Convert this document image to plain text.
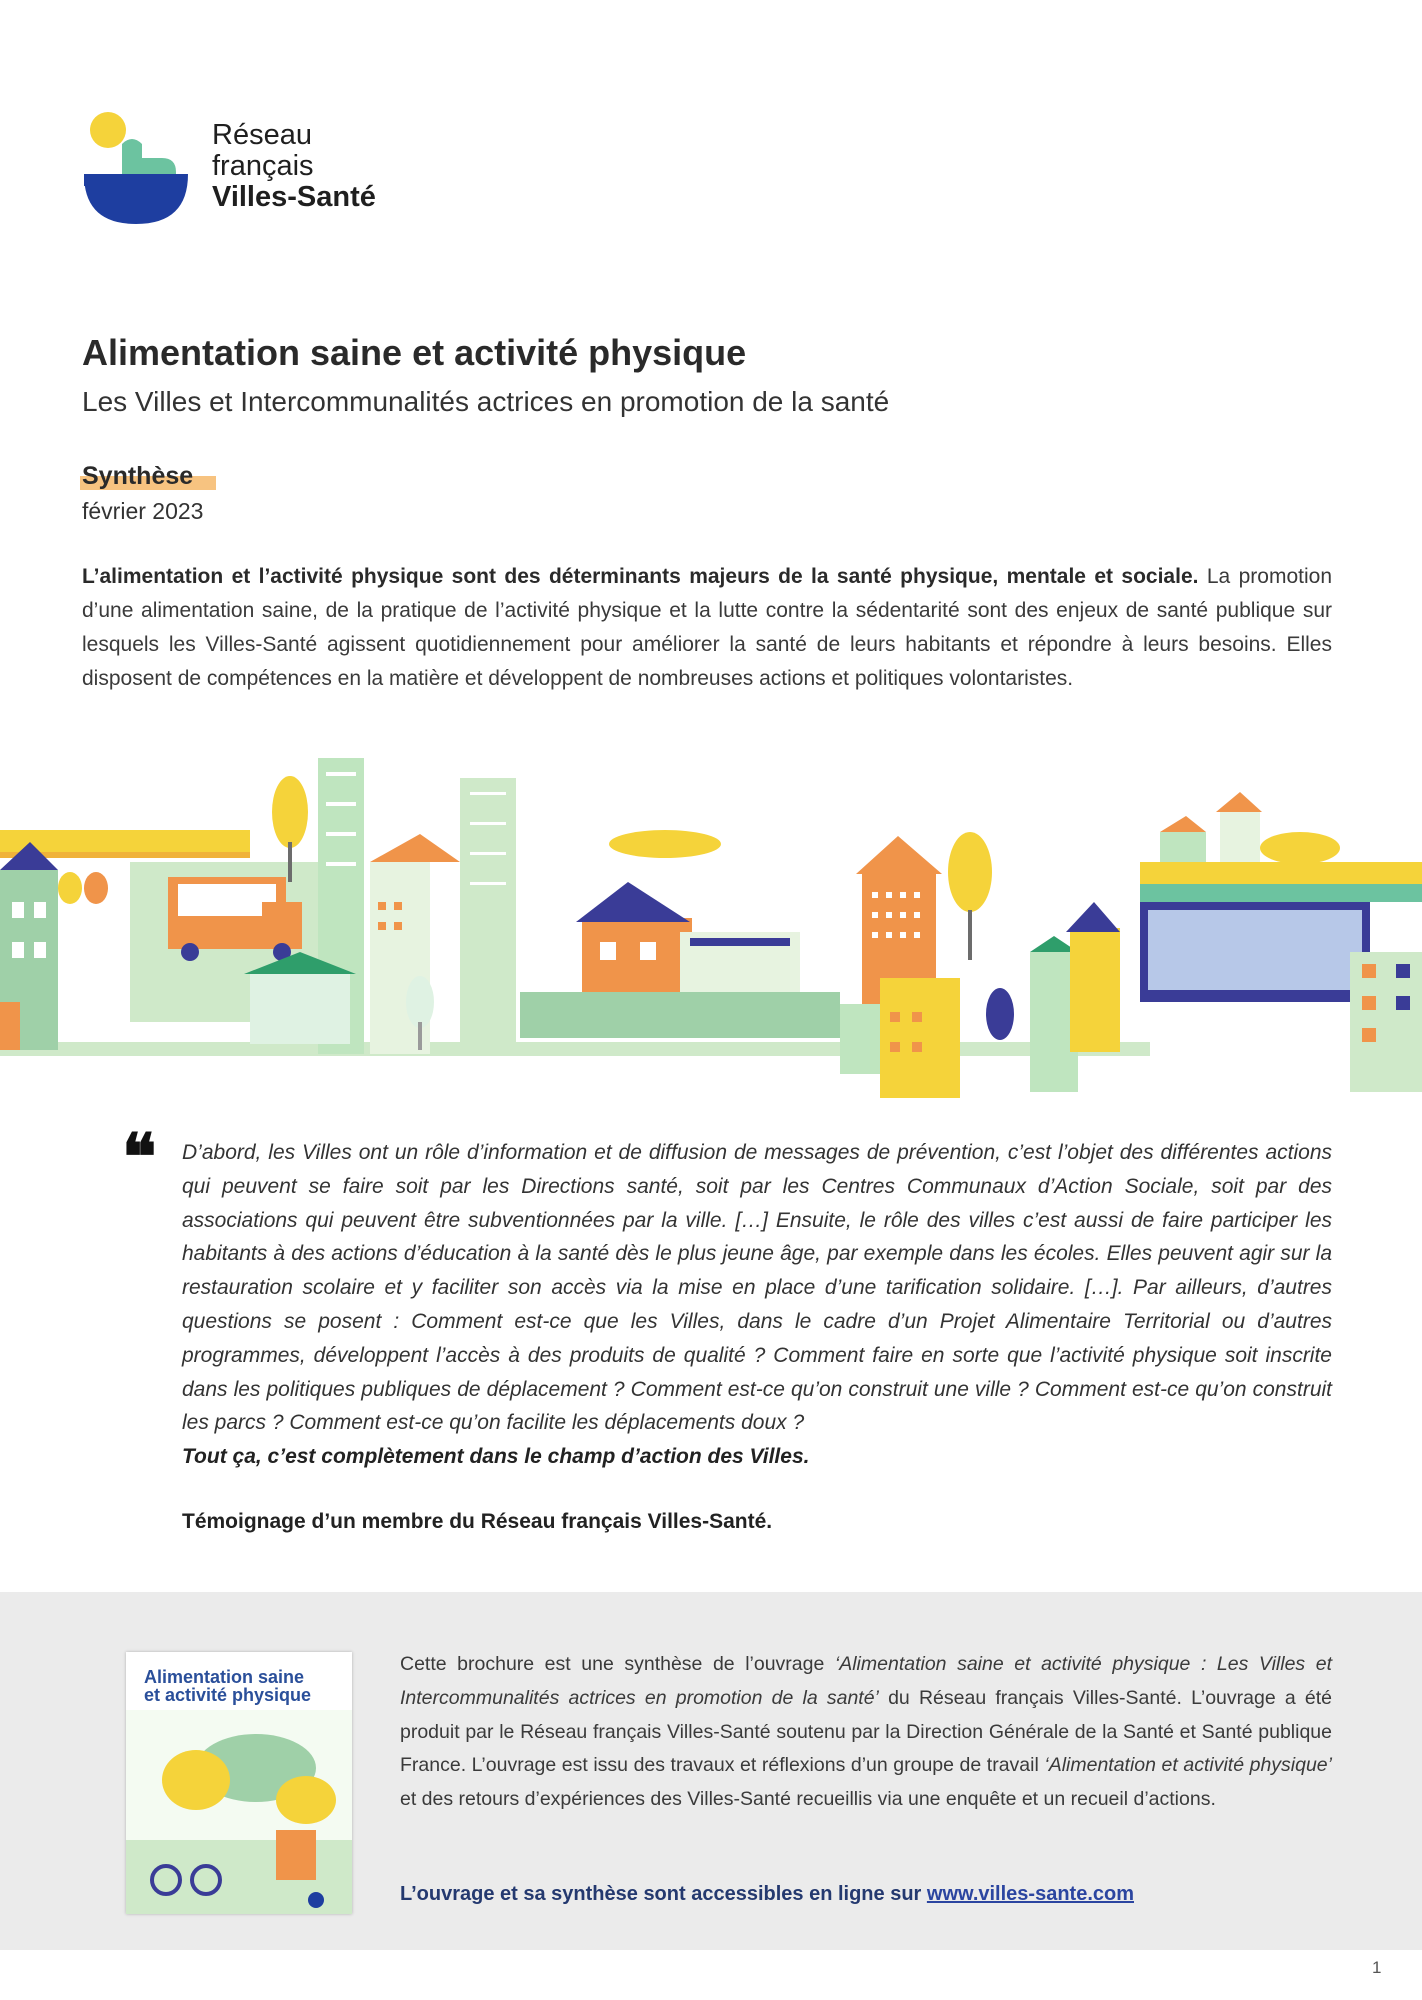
Réseau
français
Villes-Santé
Alimentation saine et activité physique
Les Villes et Intercommunalités actrices en promotion de la santé
Synthèse
février 2023
L’alimentation et l’activité physique sont des déterminants majeurs de la santé physique, mentale et sociale. La promotion d’une alimentation saine, de la pratique de l’activité physique et la lutte contre la sédentarité sont des enjeux de santé publique sur lesquels les Villes-Santé agissent quotidiennement pour améliorer la santé de leurs habitants et répondre à leurs besoins. Elles disposent de compétences en la matière et développent de nombreuses actions et politiques volontaristes.
❝ D’abord, les Villes ont un rôle d’information et de diffusion de messages de prévention, c’est l’objet des différentes actions qui peuvent se faire soit par les Directions santé, soit par les Centres Communaux d’Action Sociale, soit par des associations qui peuvent être subventionnées par la ville. […] Ensuite, le rôle des villes c’est aussi de faire participer les habitants à des actions d’éducation à la santé dès le plus jeune âge, par exemple dans les écoles. Elles peuvent agir sur la restauration scolaire et y faciliter son accès via la mise en place d’une tarification solidaire. […]. Par ailleurs, d’autres questions se posent : Comment est-ce que les Villes, dans le cadre d’un Projet Alimentaire Territorial ou d’autres programmes, développent l’accès à des produits de qualité ? Comment faire en sorte que l’activité physique soit inscrite dans les politiques publiques de déplacement ? Comment est-ce qu’on construit une ville ? Comment est-ce qu’on construit les parcs ? Comment est-ce qu’on facilite les déplacements doux ?
Tout ça, c’est complètement dans le champ d’action des Villes.
Témoignage d’un membre du Réseau français Villes-Santé.
Alimentation saine
et activité physique
Cette brochure est une synthèse de l’ouvrage ‘Alimentation saine et activité physique : Les Villes et Intercommunalités actrices en promotion de la santé’ du Réseau français Villes-Santé. L’ouvrage a été produit par le Réseau français Villes-Santé soutenu par la Direction Générale de la Santé et Santé publique France. L’ouvrage est issu des travaux et réflexions d’un groupe de travail ‘Alimentation et activité physique’ et des retours d’expériences des Villes-Santé recueillis via une enquête et un recueil d’actions.
L’ouvrage et sa synthèse sont accessibles en ligne sur www.villes-sante.com
1
